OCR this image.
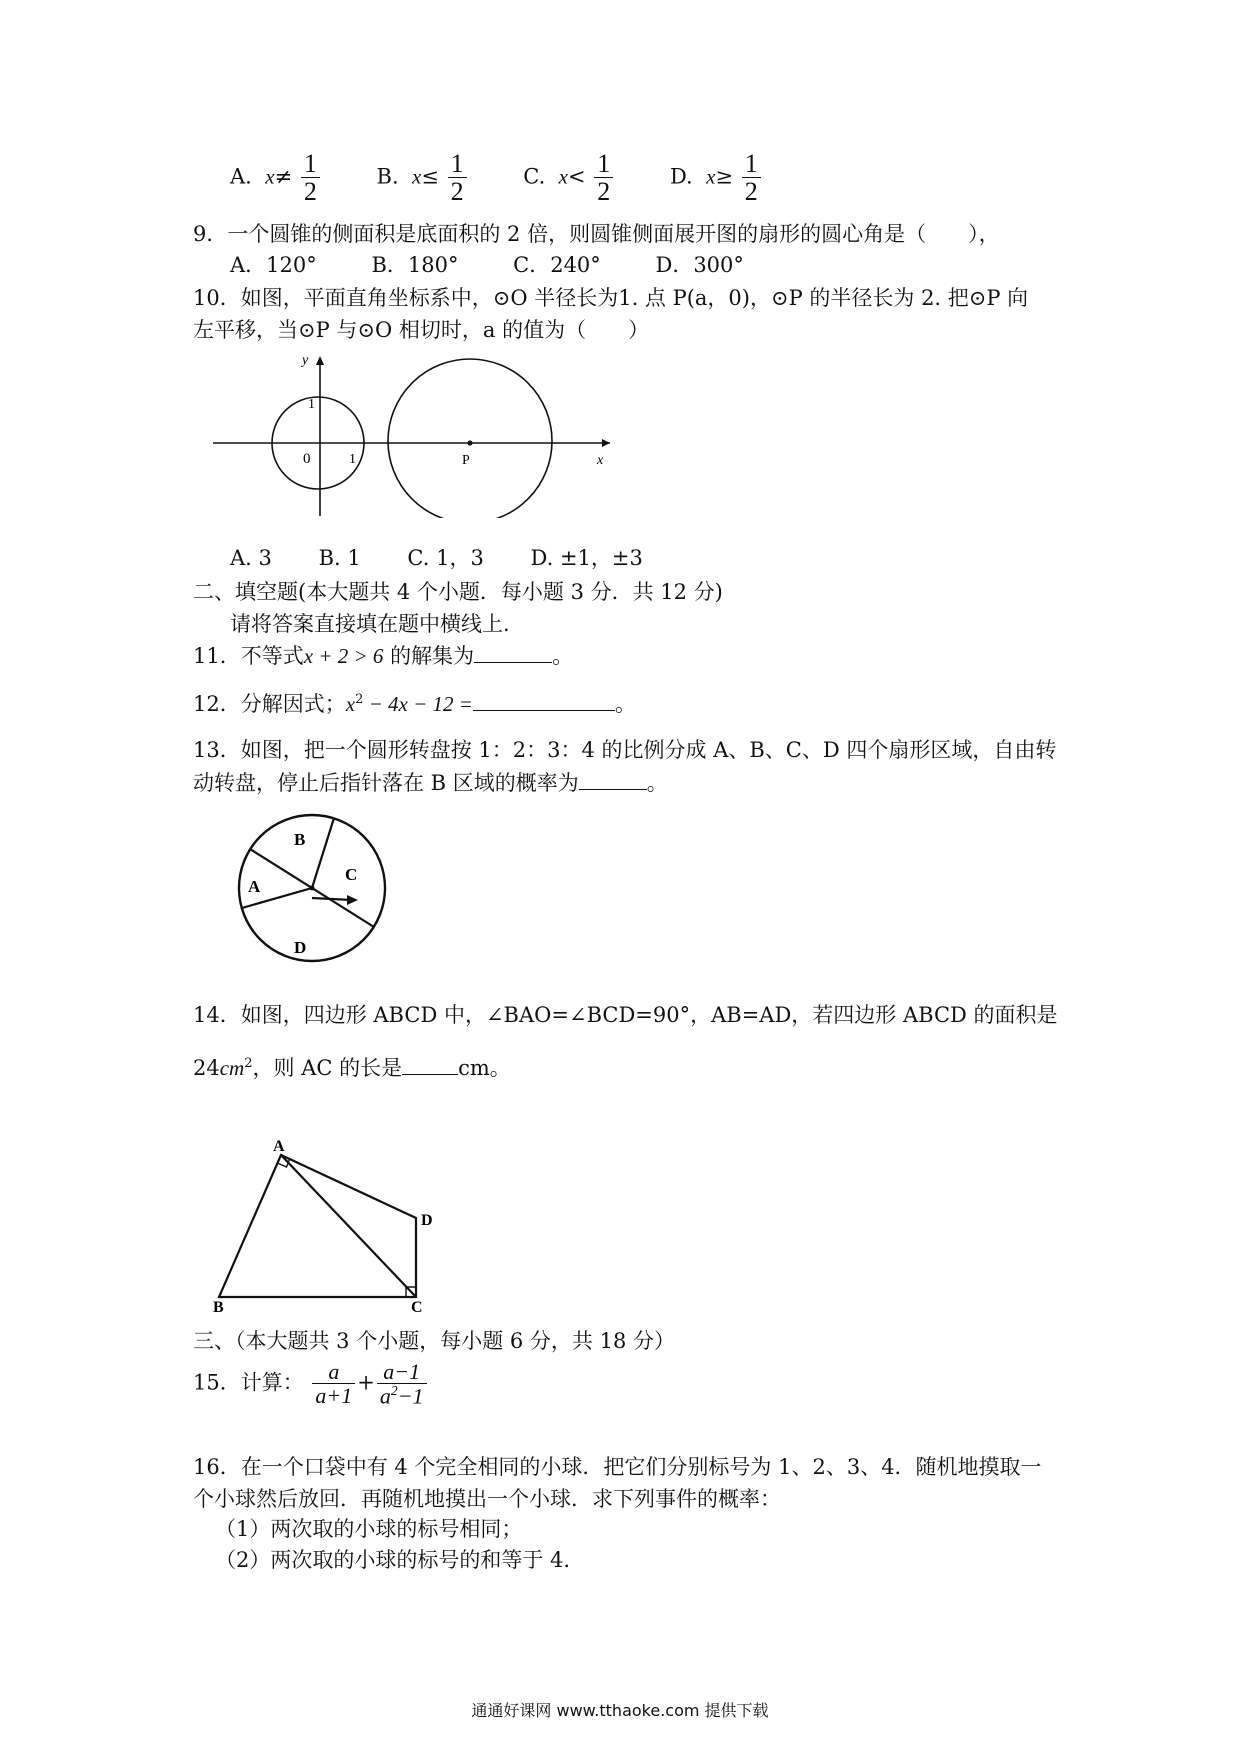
A. $x\ne \frac{1}{2}$	B. $x\le \frac{1}{2}$	C. $x< \frac{1}{2}$	D. $x\ge \frac{1}{2}$
9．一个圆锥的侧面积是底面积的 2 倍，则圆锥侧面展开图的扇形的圆心角是（　　），
A．120°	B．180°	C．240°	D．300°
10．如图，平面直角坐标系中，⊙O 半径长为1. 点 P(a，0)，⊙P 的半径长为 2. 把⊙P 向
左平移，当⊙P 与⊙O 相切时，a 的值为（　　）
y
x
0
1
1	P
A. 3 B. 1 C. 1，3 D. ±1，±3
二、填空题(本大题共 4 个小题．每小题 3 分．共 12 分)
请将答案直接填在题中横线上.
11．不等式x + 2 > 6 的解集为	。
12．分解因式；$x^2 - 4x - 12$ =	。
13．如图，把一个圆形转盘按 1：2：3：4 的比例分成 A、B、C、D 四个扇形区域，自由转
动转盘，停止后指针落在 B 区域的概率为	。
A
B
C
D
14．如图，四边形 ABCD 中，∠BAO=∠BCD=90°，AB=AD，若四边形 ABCD 的面积是
$24cm^2$，则 AC 的长是	cm。
A
B	C
D
三、（本大题共 3 个小题，每小题 6 分，共 18 分）
15．计算： $\frac{a}{a+1} + \frac{a-1}{a^2-1}$
16．在一个口袋中有 4 个完全相同的小球．把它们分别标号为 1、2、3、4．随机地摸取一
个小球然后放回．再随机地摸出一个小球．求下列事件的概率：
（1）两次取的小球的标号相同；
（2）两次取的小球的标号的和等于 4.
通通好课网 www.tthaoke.com 提供下载
